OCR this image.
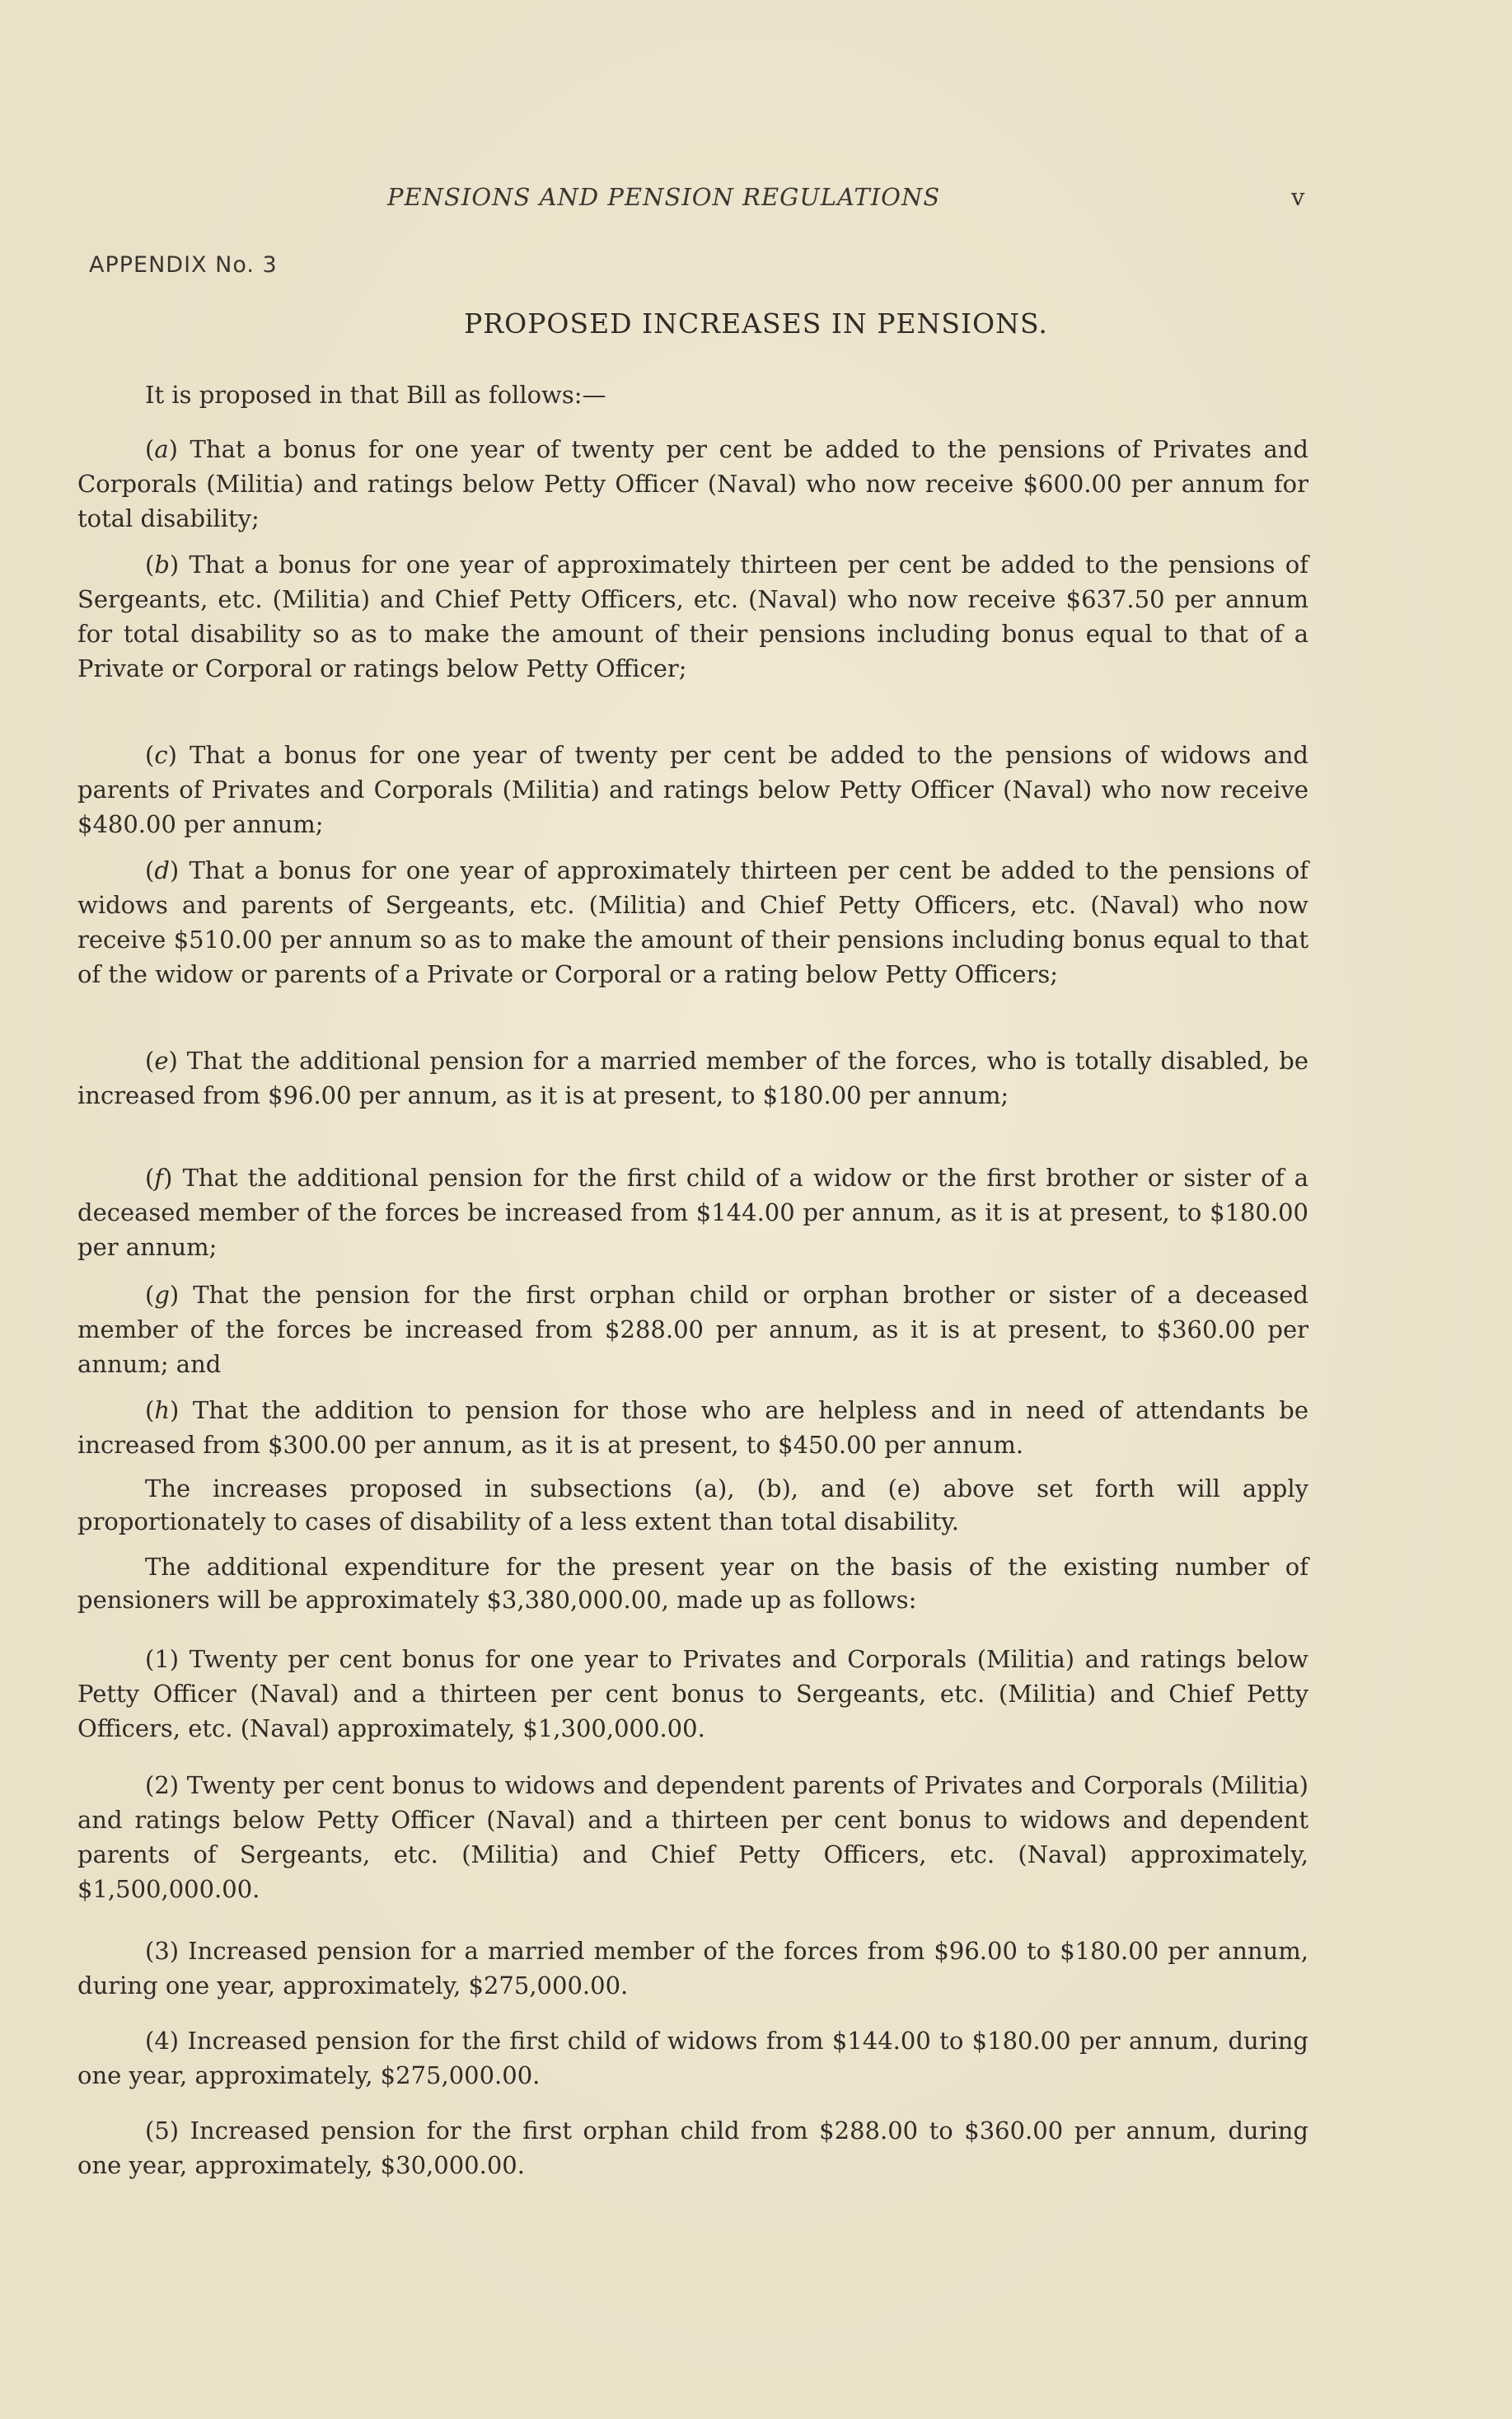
PENSIONS AND PENSION REGULATIONS	v
APPENDIX No. 3
PROPOSED INCREASES IN PENSIONS.

It is proposed in that Bill as follows:—

(a) That a bonus for one year of twenty per cent be added to the pensions of Privates and Corporals (Militia) and ratings below Petty Officer (Naval) who now receive $600.00 per annum for total disability;

(b) That a bonus for one year of approximately thirteen per cent be added to the pensions of Sergeants, etc. (Militia) and Chief Petty Officers, etc. (Naval) who now receive $637.50 per annum for total disability so as to make the amount of their pensions including bonus equal to that of a Private or Corporal or ratings below Petty Officer;

(c) That a bonus for one year of twenty per cent be added to the pensions of widows and parents of Privates and Corporals (Militia) and ratings below Petty Officer (Naval) who now receive $480.00 per annum;

(d) That a bonus for one year of approximately thirteen per cent be added to the pensions of widows and parents of Sergeants, etc. (Militia) and Chief Petty Officers, etc. (Naval) who now receive $510.00 per annum so as to make the amount of their pensions including bonus equal to that of the widow or parents of a Private or Corporal or a rating below Petty Officers;

(e) That the additional pension for a married member of the forces, who is totally disabled, be increased from $96.00 per annum, as it is at present, to $180.00 per annum;

(f) That the additional pension for the first child of a widow or the first brother or sister of a deceased member of the forces be increased from $144.00 per annum, as it is at present, to $180.00 per annum;

(g) That the pension for the first orphan child or orphan brother or sister of a deceased member of the forces be increased from $288.00 per annum, as it is at present, to $360.00 per annum; and

(h) That the addition to pension for those who are helpless and in need of attendants be increased from $300.00 per annum, as it is at present, to $450.00 per annum.

The increases proposed in subsections (a), (b), and (e) above set forth will apply proportionately to cases of disability of a less extent than total disability.

The additional expenditure for the present year on the basis of the existing number of pensioners will be approximately $3,380,000.00, made up as follows:

(1) Twenty per cent bonus for one year to Privates and Corporals (Militia) and ratings below Petty Officer (Naval) and a thirteen per cent bonus to Sergeants, etc. (Militia) and Chief Petty Officers, etc. (Naval) approximately, $1,300,000.00.

(2) Twenty per cent bonus to widows and dependent parents of Privates and Corporals (Militia) and ratings below Petty Officer (Naval) and a thirteen per cent bonus to widows and dependent parents of Sergeants, etc. (Militia) and Chief Petty Officers, etc. (Naval) approximately, $1,500,000.00.

(3) Increased pension for a married member of the forces from $96.00 to $180.00 per annum, during one year, approximately, $275,000.00.

(4) Increased pension for the first child of widows from $144.00 to $180.00 per annum, during one year, approximately, $275,000.00.

(5) Increased pension for the first orphan child from $288.00 to $360.00 per annum, during one year, approximately, $30,000.00.
